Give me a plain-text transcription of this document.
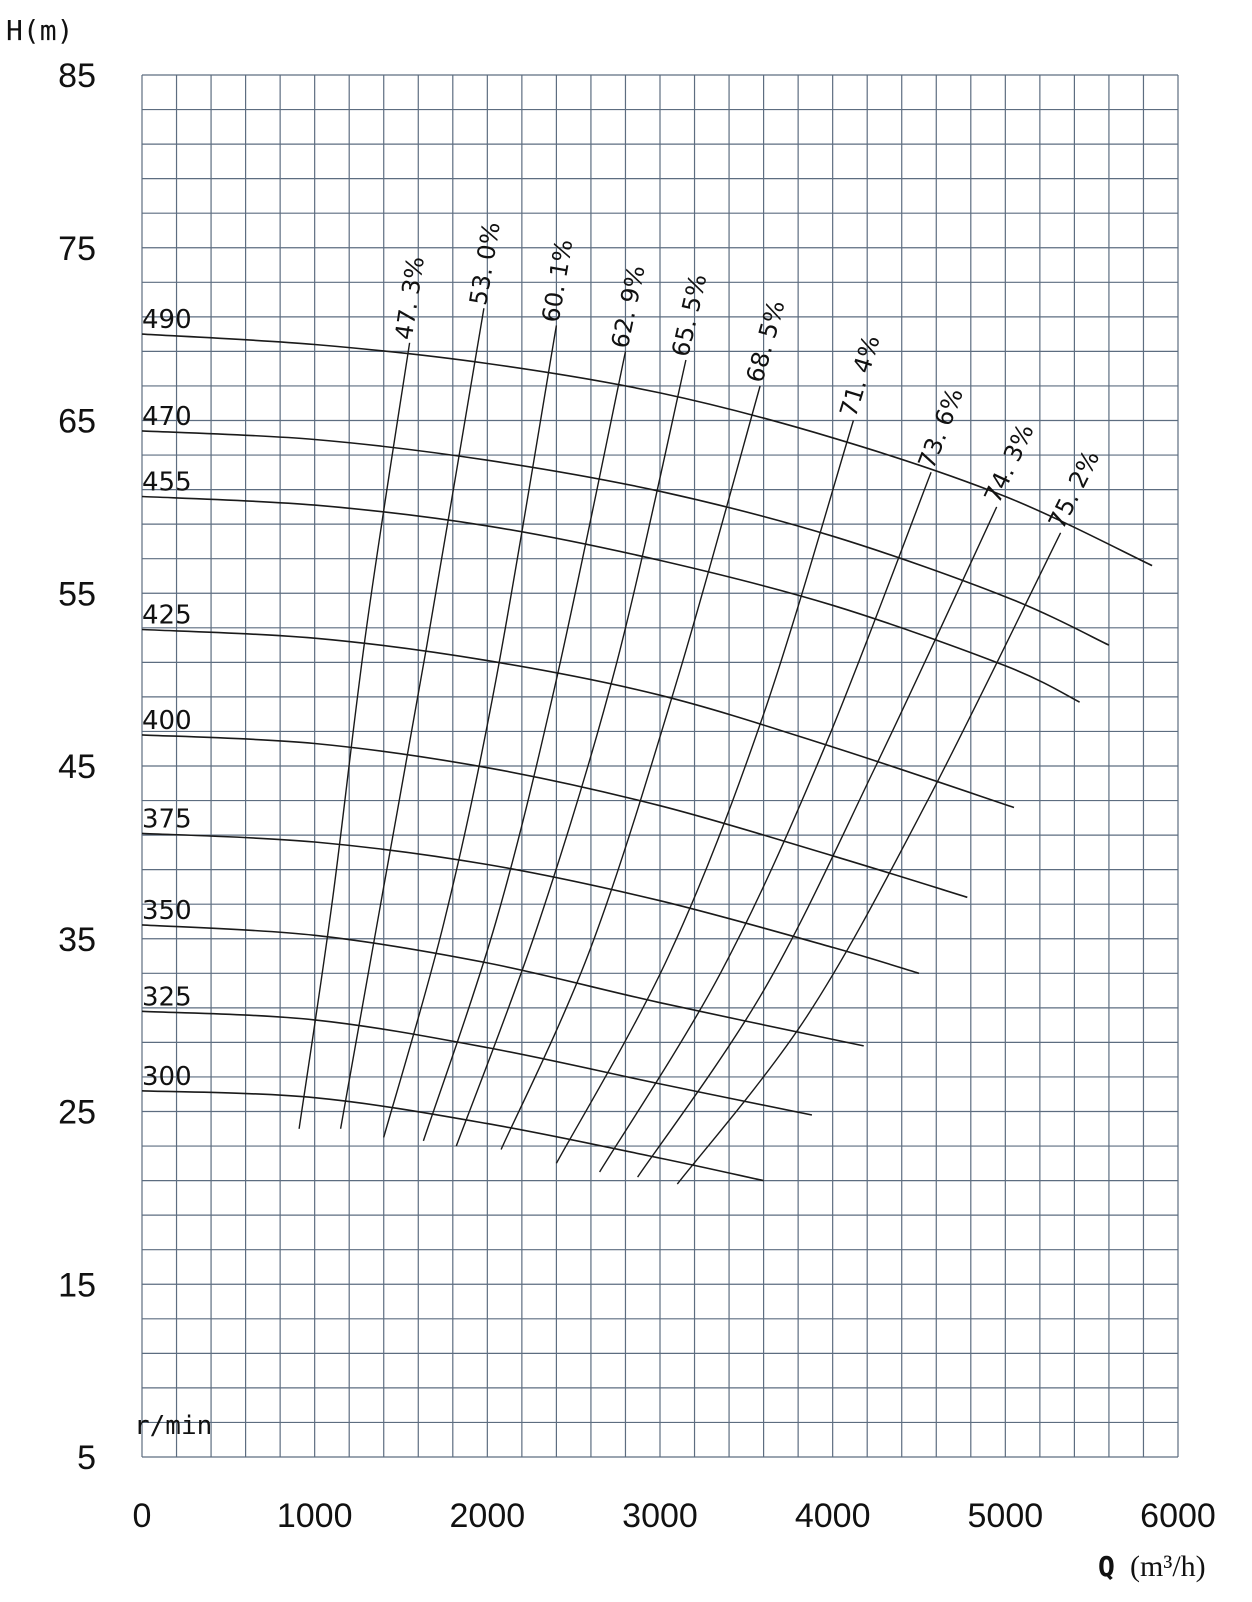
490
470
455
425
400
375
350
325
300
47. 3% 53. 0% 60. 1% 62. 9% 65. 5% 68. 5% 71. 4%
73. 6% 74. 3% 75. 2%
0	1000	2000	3000	4000	5000	6000
5
15
25
35
45
55
65
75
85
H(m)
r/min
Q (m³/h)
